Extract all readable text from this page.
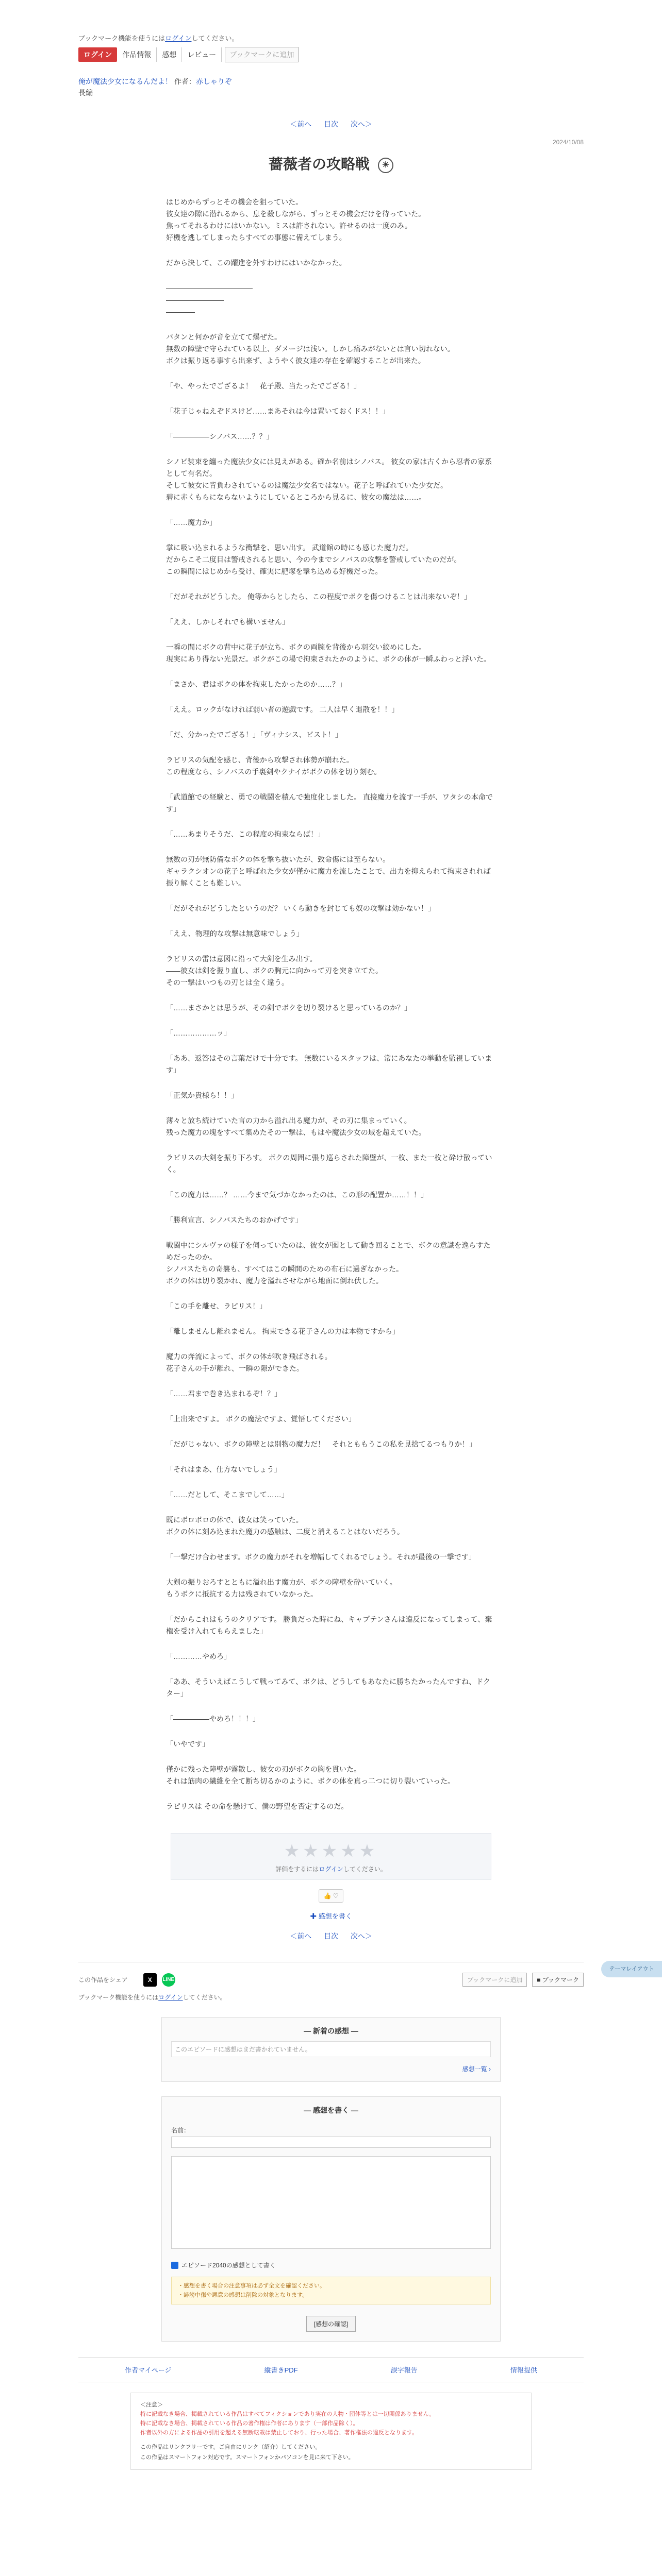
ブックマーク機能を使うにはログインしてください。
ログイン	作品情報	感想	レビュー	ブックマークに追加
俺が魔法少女になるんだよ！ 作者：赤しゃりぞ
長編
＜前へ 目次 次へ＞
2024/10/08
薔薇者の攻略戦 ☀

はじめからずっとその機会を狙っていた。
彼女達の隙に潜れるから、息を殺しながら、ずっとその機会だけを待っていた。
焦ってそれるわけにはいかない。ミスは許されない。許せるのは一度のみ。
好機を逃してしまったらすべての事態に備えてしまう。

だから決して、この躍進を外すわけにはいかなかった。

――――――――――――
――――――――
――――

バタンと何かが音を立てて爆ぜた。
無数の障壁で守られている以上、ダメージは浅い。しかし痛みがないとは言い切れない。
ボクは振り返る事すら出来ず、ようやく彼女達の存在を確認することが出来た。

「や、やったでござるよ！　花子殿、当たったでござる！」

「花子じゃねえぞドスけど……まあそれは今は置いておくドス！！」

「―――――シノバス……？？」

シノビ装束を纏った魔法少女には見えがある。確か名前はシノバス。 彼女の家は古くから忍者の家系として有名だ。
そして彼女に背負わされているのは魔法少女名ではない。花子と呼ばれていた少女だ。
碧に赤くもらにならないようにしているところから見るに、彼女の魔法は……。

「……魔力か」

掌に吸い込まれるような衝撃を、思い出す。 武道館の時にも感じた魔力だ。
だからこそ二度目は警戒されると思い、今の今までシノバスの攻撃を警戒していたのだが。
この瞬間にはじめから受け、確実に肥塚を撃ち込める好機だった。

「だがそれがどうした。 俺等からとしたら、この程度でボクを傷つけることは出来ないぞ！」

「ええ、しかしそれでも構いません」

一瞬の間にボクの背中に花子が立ち、ボクの両腕を背後から羽交い絞めにした。
現実にあり得ない光景だ。ボクがこの場で拘束されたかのように、ボクの体が一瞬ふわっと浮いた。

「まさか、君はボクの体を拘束したかったのか……？」

「ええ。ロックがなければ弱い者の遊戯です。 二人は早く退散を！！」

「だ、分かったでござる！」「ヴィナシス、ピスト！」

ラピリスの気配を感じ、背後から攻撃され体勢が崩れた。
この程度なら、シノバスの手裏剣やクナイがボクの体を切り刻む。

「武道館での経験と、勇での戦闘を積んで強度化しました。 直接魔力を流す一手が、ワタシの本命です」

「……あまりそうだ、この程度の拘束ならば！」

無数の刃が無防備なボクの体を撃ち抜いたが、致命傷には至らない。
ギャラクシオンの花子と呼ばれた少女が僅かに魔力を流したことで、出力を抑えられて拘束されれば振り解くことも難しい。

「だがそれがどうしたというのだ？ いくら動きを封じても奴の攻撃は効かない！」

「ええ、物理的な攻撃は無意味でしょう」

ラピリスの雷は意図に沿って大剣を生み出す。
――彼女は剣を握り直し、ボクの胸元に向かって刃を突き立てた。
その一撃はいつもの刃とは全く違う。

「……まさかとは思うが、その剣でボクを切り裂けると思っているのか？」

「………………ッ」

「ああ、返答はその言葉だけで十分です。 無数にいるスタッフは、常にあなたの挙動を監視しています」

「正気か貴様ら！！」

薄々と放ち続けていた言の力から溢れ出る魔力が、その刃に集まっていく。
残った魔力の塊をすべて集めたその一撃は、もはや魔法少女の域を超えていた。

ラピリスの大剣を振り下ろす。 ボクの周囲に張り巡らされた障壁が、一枚、また一枚と砕け散っていく。

「この魔力は……？ ……今まで気づかなかったのは、この形の配置か……！！」

「勝利宣言、シノバスたちのおかげです」

戦闘中にシルヴァの様子を伺っていたのは、彼女が囮として動き回ることで、ボクの意識を逸らすためだったのか。
シノバスたちの奇襲も、すべてはこの瞬間のための布石に過ぎなかった。
ボクの体は切り裂かれ、魔力を溢れさせながら地面に倒れ伏した。

「この手を離せ、ラピリス！」

「離しませんし離れません。 拘束できる花子さんの力は本物ですから」

魔力の奔流によって、ボクの体が吹き飛ばされる。
花子さんの手が離れ、一瞬の隙ができた。

「……君まで巻き込まれるぞ！？」

「上出来ですよ。 ボクの魔法ですよ、覚悟してください」

「だがじゃない、ボクの障壁とは別物の魔力だ！　それとももうこの私を見捨てるつもりか！」

「それはまあ、仕方ないでしょう」

「……だとして、そこまでして……」

既にボロボロの体で、彼女は笑っていた。
ボクの体に刻み込まれた魔力の感触は、二度と消えることはないだろう。

「一撃だけ合わせます。ボクの魔力がそれを増幅してくれるでしょう。それが最後の一撃です」

大剣の振りおろすとともに溢れ出す魔力が、ボクの障壁を砕いていく。
もうボクに抵抗する力は残されていなかった。

「だからこれはもうのクリアです。 勝負だった時にね、キャプテンさんは違反になってしまって、棄権を受け入れてもらえました」

「…………やめろ」

「ああ、そういえばこうして戦ってみて、ボクは、どうしてもあなたに勝ちたかったんですね、ドクター」

「―――――やめろ！！！」

「いやです」

僅かに残った障壁が霧散し、彼女の刃がボクの胸を貫いた。
それは筋肉の繊維を全て断ち切るかのように、ボクの体を真っ二つに切り裂いていった。

ラピリスは その命を懸けて、僕の野望を否定するのだ。

★★★★★
評価をするにはログインしてください。
👍 ♡
✚ 感想を書く
＜前へ 目次 次へ＞
この作品をシェア	X	LINE	ブックマークに追加	■ ブックマーク
ブックマーク機能を使うにはログインしてください。
― 新着の感想 ―
このエピソードに感想はまだ書かれていません。
感想一覧 ›
― 感想を書く ―
名前：

エピソード2040の感想として書く
・感想を書く場合の注意事項は必ず全文を確認ください。
・誹謗中傷や悪意の感想は削除の対象となります。
[感想の確認]
作者マイページ	縦書きPDF	誤字報告	情報提供
＜注意＞
特に記載なき場合、掲載されている作品はすべてフィクションであり実在の人物・団体等とは一切関係ありません。
特に記載なき場合、掲載されている作品の著作権は作者にあります（一部作品除く）。
作者以外の方による作品の引用を超える無断転載は禁止しており、行った場合、著作権法の違反となります。
この作品はリンクフリーです。ご自由にリンク（紹介）してください。
この作品はスマートフォン対応です。スマートフォンかパソコンを見に来て下さい。
テーマレイアウト
